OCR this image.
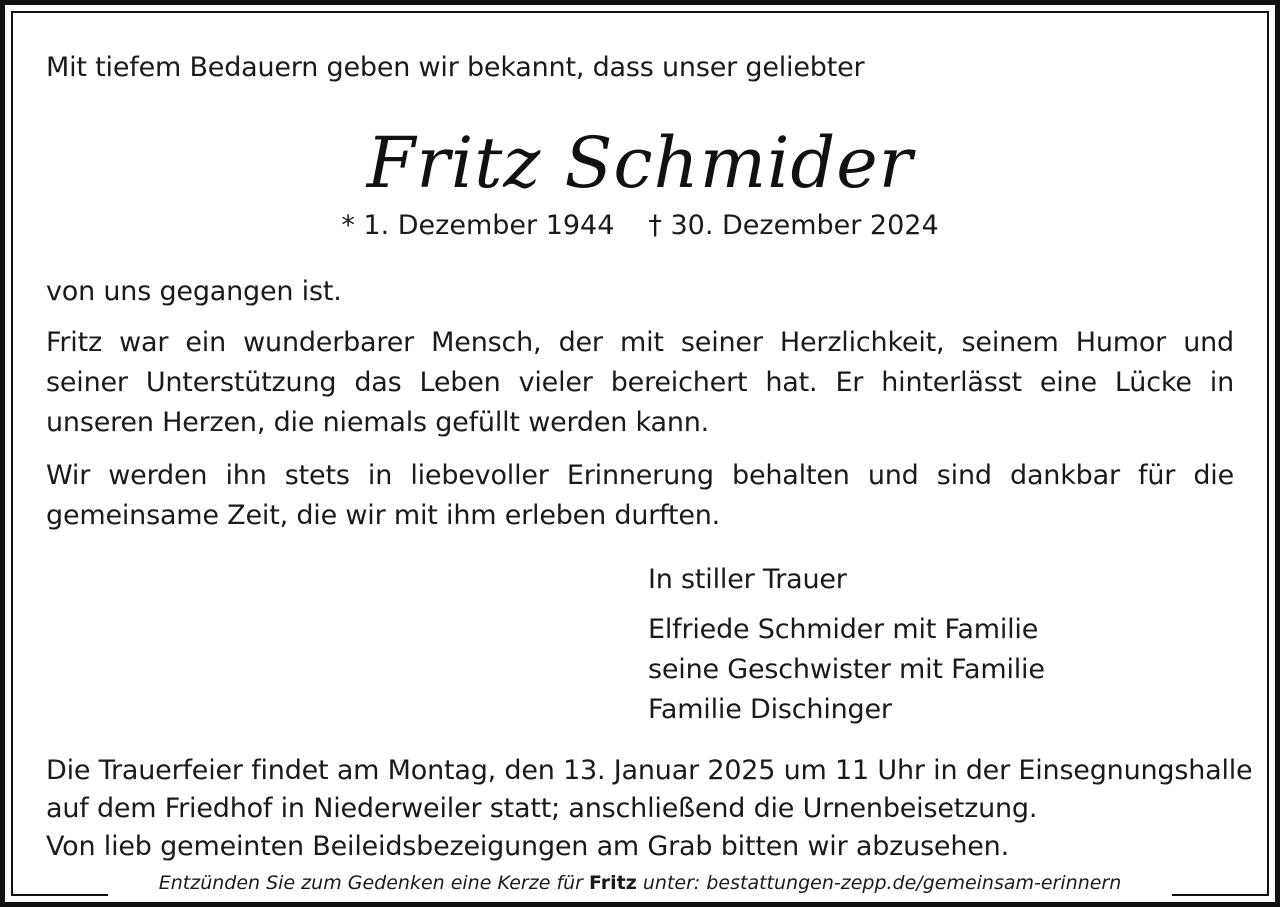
Mit tiefem Bedauern geben wir bekannt, dass unser geliebter
Fritz Schmider
* 1. Dezember 1944 † 30. Dezember 2024
von uns gegangen ist.
Fritz war ein wunderbarer Mensch, der mit seiner Herzlichkeit, seinem Humor und
seiner Unterstützung das Leben vieler bereichert hat. Er hinterlässt eine Lücke in
unseren Herzen, die niemals gefüllt werden kann.
Wir werden ihn stets in liebevoller Erinnerung behalten und sind dankbar für die
gemeinsame Zeit, die wir mit ihm erleben durften.
In stiller Trauer
Elfriede Schmider mit Familie
seine Geschwister mit Familie
Familie Dischinger
Die Trauerfeier findet am Montag, den 13. Januar 2025 um 11 Uhr in der Einsegnungshalle
auf dem Friedhof in Niederweiler statt; anschließend die Urnenbeisetzung.
Von lieb gemeinten Beileidsbezeigungen am Grab bitten wir abzusehen.
Entzünden Sie zum Gedenken eine Kerze für Fritz unter: bestattungen-zepp.de/gemeinsam-erinnern
